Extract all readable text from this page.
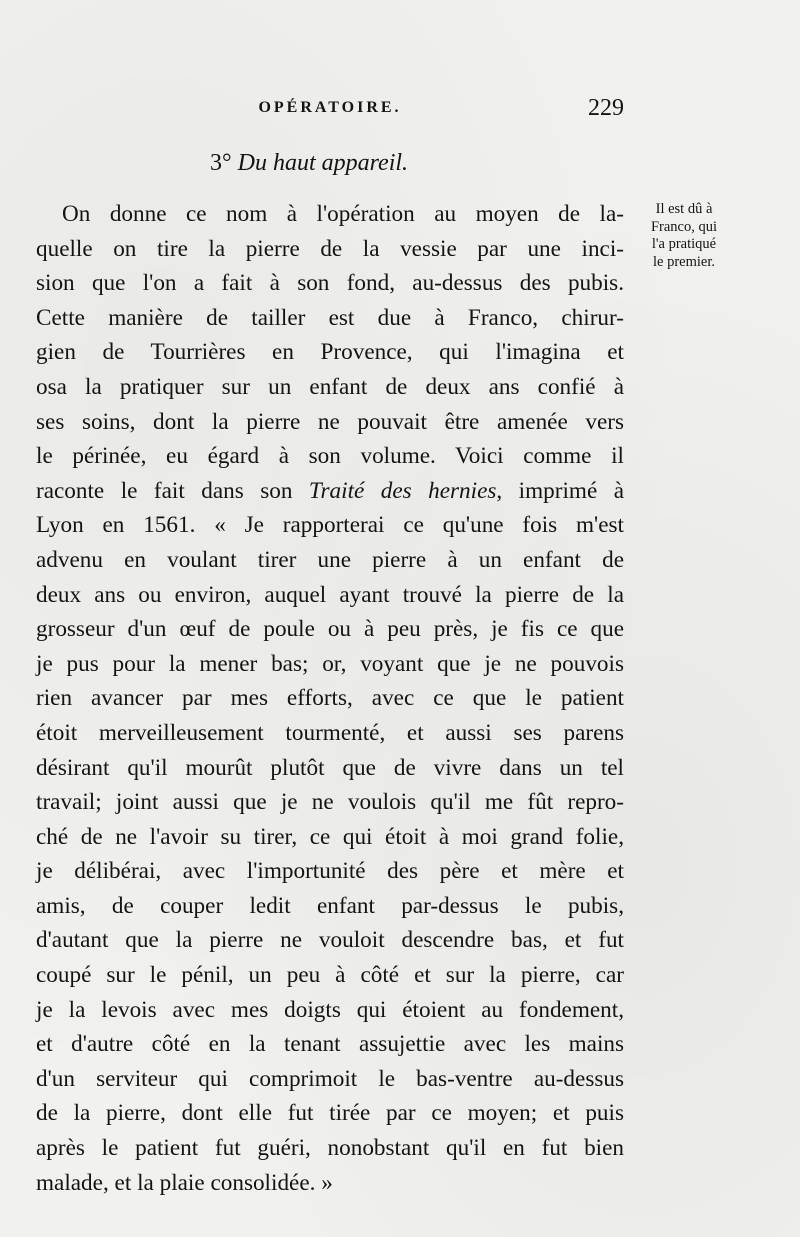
OPÉRATOIRE.	229
3° Du haut appareil.
Il est dû à
Franco, qui
l'a pratiqué
le premier.
On donne ce nom à l'opération au moyen de la-
quelle on tire la pierre de la vessie par une inci-
sion que l'on a fait à son fond, au-dessus des pubis.
Cette manière de tailler est due à Franco, chirur-
gien de Tourrières en Provence, qui l'imagina et
osa la pratiquer sur un enfant de deux ans confié à
ses soins, dont la pierre ne pouvait être amenée vers
le périnée, eu égard à son volume. Voici comme il
raconte le fait dans son Traité des hernies, imprimé à
Lyon en 1561. « Je rapporterai ce qu'une fois m'est
advenu en voulant tirer une pierre à un enfant de
deux ans ou environ, auquel ayant trouvé la pierre de la
grosseur d'un œuf de poule ou à peu près, je fis ce que
je pus pour la mener bas; or, voyant que je ne pouvois
rien avancer par mes efforts, avec ce que le patient
étoit merveilleusement tourmenté, et aussi ses parens
désirant qu'il mourût plutôt que de vivre dans un tel
travail; joint aussi que je ne voulois qu'il me fût repro-
ché de ne l'avoir su tirer, ce qui étoit à moi grand folie,
je délibérai, avec l'importunité des père et mère et
amis, de couper ledit enfant par-dessus le pubis,
d'autant que la pierre ne vouloit descendre bas, et fut
coupé sur le pénil, un peu à côté et sur la pierre, car
je la levois avec mes doigts qui étoient au fondement,
et d'autre côté en la tenant assujettie avec les mains
d'un serviteur qui comprimoit le bas-ventre au-dessus
de la pierre, dont elle fut tirée par ce moyen; et puis
après le patient fut guéri, nonobstant qu'il en fut bien
malade, et la plaie consolidée. »
